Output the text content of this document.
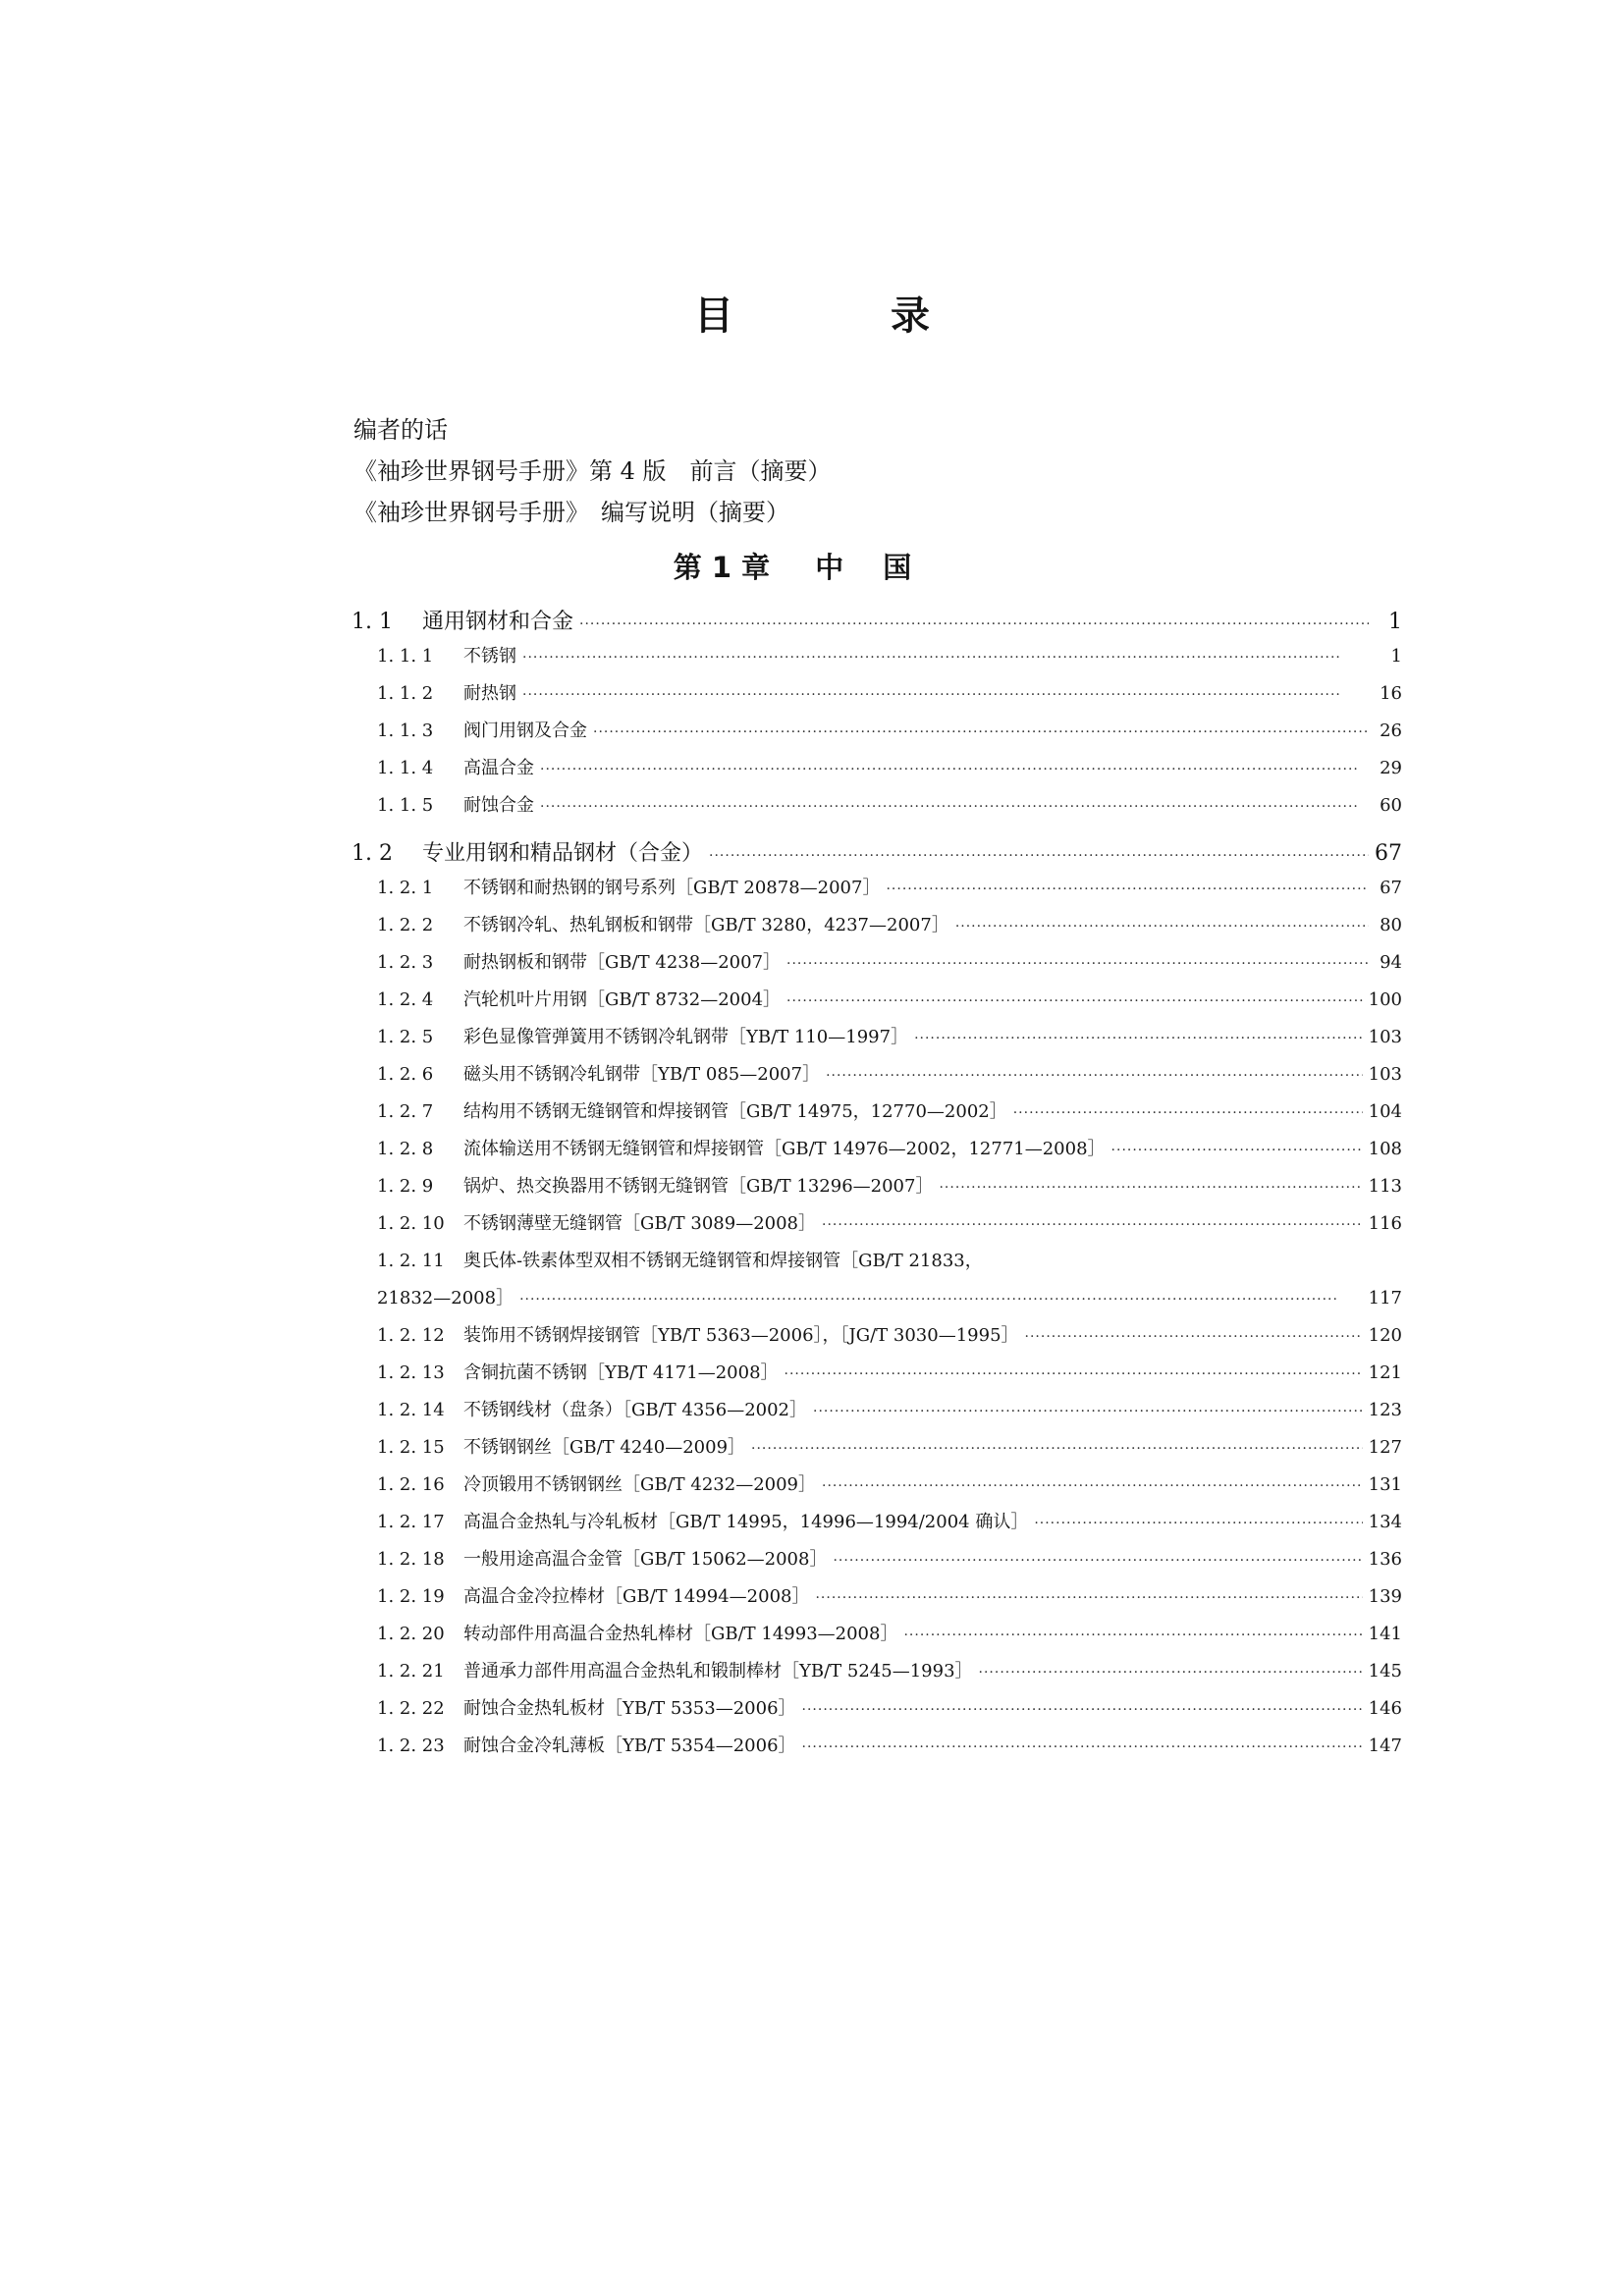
目　录
编者的话
《袖珍世界钢号手册》第 4 版　前言（摘要）
《袖珍世界钢号手册》　编写说明（摘要）
第 1 章 中国
1. 1	通用钢材和合金 ·····	1
1. 1. 1	不锈钢 ·····	1
1. 1. 2	耐热钢 ·····	16
1. 1. 3	阀门用钢及合金 ·····	26
1. 1. 4	高温合金 ·····	29
1. 1. 5	耐蚀合金 ·····	60
1. 2	专业用钢和精品钢材（合金） ·····	67
1. 2. 1	不锈钢和耐热钢的钢号系列［GB/T 20878—2007］ ·····	67
1. 2. 2	不锈钢冷轧、热轧钢板和钢带［GB/T 3280，4237—2007］ ·····	80
1. 2. 3	耐热钢板和钢带［GB/T 4238—2007］ ·····	94
1. 2. 4	汽轮机叶片用钢［GB/T 8732—2004］ ·····	100
1. 2. 5	彩色显像管弹簧用不锈钢冷轧钢带［YB/T 110—1997］ ·····	103
1. 2. 6	磁头用不锈钢冷轧钢带［YB/T 085—2007］ ·····	103
1. 2. 7	结构用不锈钢无缝钢管和焊接钢管［GB/T 14975，12770—2002］ ·····	104
1. 2. 8	流体输送用不锈钢无缝钢管和焊接钢管［GB/T 14976—2002，12771—2008］ ·····	108
1. 2. 9	锅炉、热交换器用不锈钢无缝钢管［GB/T 13296—2007］ ·····	113
1. 2. 10	不锈钢薄壁无缝钢管［GB/T 3089—2008］ ·····	116
1. 2. 11	奥氏体-铁素体型双相不锈钢无缝钢管和焊接钢管［GB/T 21833，
21832—2008］ ·····	117
1. 2. 12	装饰用不锈钢焊接钢管［YB/T 5363—2006］，［JG/T 3030—1995］ ·····	120
1. 2. 13	含铜抗菌不锈钢［YB/T 4171—2008］ ·····	121
1. 2. 14	不锈钢线材（盘条）［GB/T 4356—2002］ ·····	123
1. 2. 15	不锈钢钢丝［GB/T 4240—2009］ ·····	127
1. 2. 16	冷顶锻用不锈钢钢丝［GB/T 4232—2009］ ·····	131
1. 2. 17	高温合金热轧与冷轧板材［GB/T 14995，14996—1994/2004 确认］ ·····	134
1. 2. 18	一般用途高温合金管［GB/T 15062—2008］ ·····	136
1. 2. 19	高温合金冷拉棒材［GB/T 14994—2008］ ·····	139
1. 2. 20	转动部件用高温合金热轧棒材［GB/T 14993—2008］ ·····	141
1. 2. 21	普通承力部件用高温合金热轧和锻制棒材［YB/T 5245—1993］ ·····	145
1. 2. 22	耐蚀合金热轧板材［YB/T 5353—2006］ ·····	146
1. 2. 23	耐蚀合金冷轧薄板［YB/T 5354—2006］ ·····	147
